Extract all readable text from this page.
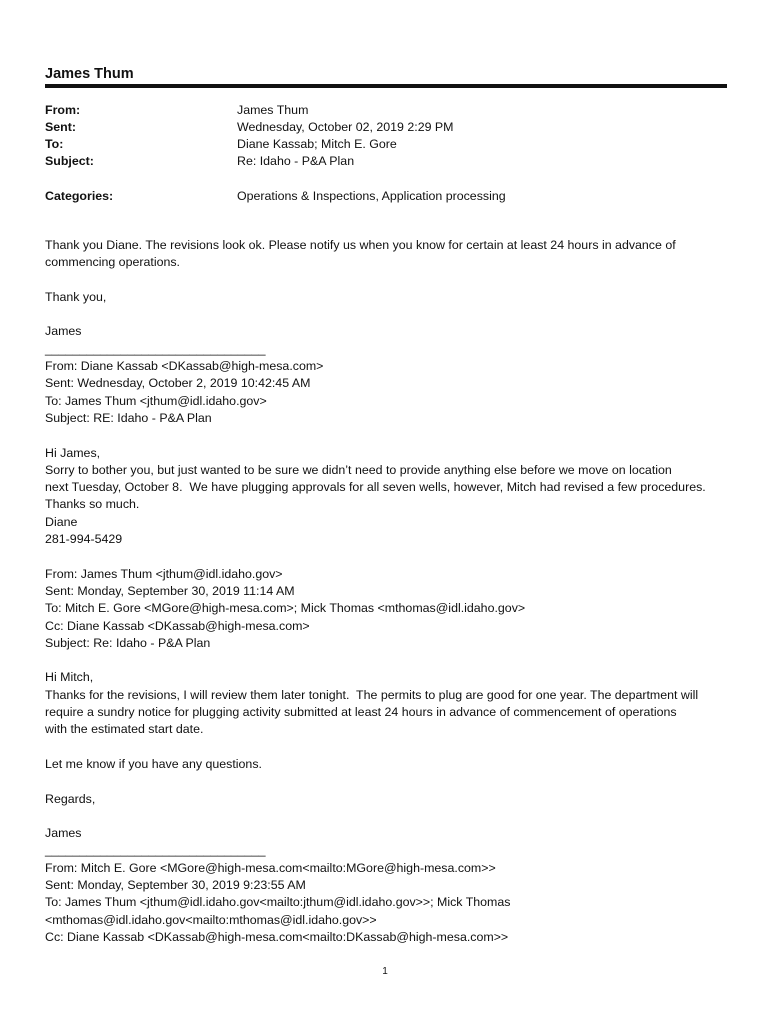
James Thum
From:	James Thum
Sent:	Wednesday, October 02, 2019 2:29 PM
To:	Diane Kassab; Mitch E. Gore
Subject:	Re: Idaho - P&A Plan
Categories:	Operations & Inspections, Application processing

Thank you Diane. The revisions look ok. Please notify us when you know for certain at least 24 hours in advance of

commencing operations.

Thank you,

James

________________________________

From: Diane Kassab <DKassab@high-mesa.com>

Sent: Wednesday, October 2, 2019 10:42:45 AM

To: James Thum <jthum@idl.idaho.gov>

Subject: RE: Idaho - P&A Plan

Hi James,

Sorry to bother you, but just wanted to be sure we didn’t need to provide anything else before we move on location

next Tuesday, October 8.  We have plugging approvals for all seven wells, however, Mitch had revised a few procedures.

Thanks so much.

Diane

281-994-5429

From: James Thum <jthum@idl.idaho.gov>

Sent: Monday, September 30, 2019 11:14 AM

To: Mitch E. Gore <MGore@high-mesa.com>; Mick Thomas <mthomas@idl.idaho.gov>

Cc: Diane Kassab <DKassab@high-mesa.com>

Subject: Re: Idaho - P&A Plan

Hi Mitch,

Thanks for the revisions, I will review them later tonight.  The permits to plug are good for one year. The department will

require a sundry notice for plugging activity submitted at least 24 hours in advance of commencement of operations

with the estimated start date.

Let me know if you have any questions.

Regards,

James

________________________________

From: Mitch E. Gore <MGore@high-mesa.com<mailto:MGore@high-mesa.com>>

Sent: Monday, September 30, 2019 9:23:55 AM

To: James Thum <jthum@idl.idaho.gov<mailto:jthum@idl.idaho.gov>>; Mick Thomas

<mthomas@idl.idaho.gov<mailto:mthomas@idl.idaho.gov>>

Cc: Diane Kassab <DKassab@high-mesa.com<mailto:DKassab@high-mesa.com>>

1
